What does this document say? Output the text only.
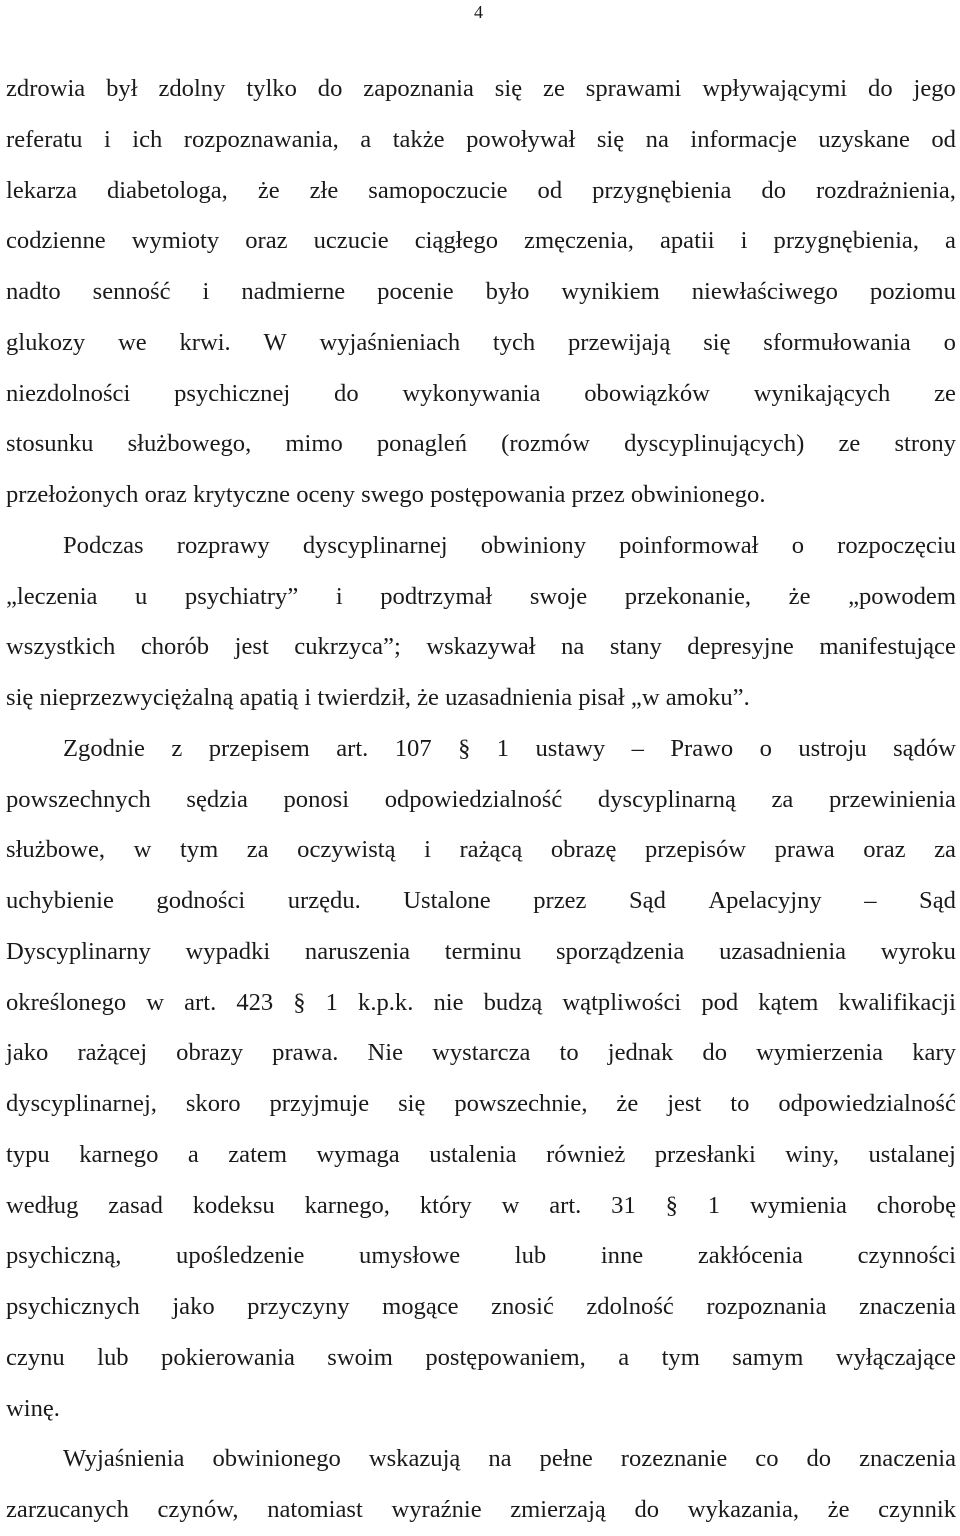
4
zdrowia był zdolny tylko do zapoznania się ze sprawami wpływającymi do jego
referatu i ich rozpoznawania, a także powoływał się na informacje uzyskane od
lekarza diabetologa, że złe samopoczucie od przygnębienia do rozdrażnienia,
codzienne wymioty oraz uczucie ciągłego zmęczenia, apatii i przygnębienia, a
nadto senność i nadmierne pocenie było wynikiem niewłaściwego poziomu
glukozy we krwi. W wyjaśnieniach tych przewijają się sformułowania o
niezdolności psychicznej do wykonywania obowiązków wynikających ze
stosunku służbowego, mimo ponagleń (rozmów dyscyplinujących) ze strony
przełożonych
oraz
krytyczne
oceny
swego
postępowania
przez
obwinionego.
Podczas rozprawy dyscyplinarnej obwiniony poinformował o rozpoczęciu
„leczenia u psychiatry” i podtrzymał swoje przekonanie, że „powodem
wszystkich chorób jest cukrzyca”; wskazywał na stany depresyjne manifestujące
się
nieprzezwyciężalną
apatią
i
twierdził,
że
uzasadnienia
pisał
„w
amoku”.
Zgodnie z przepisem art. 107 § 1 ustawy – Prawo o ustroju sądów
powszechnych sędzia ponosi odpowiedzialność dyscyplinarną za przewinienia
służbowe, w tym za oczywistą i rażącą obrazę przepisów prawa oraz za
uchybienie godności urzędu. Ustalone przez Sąd Apelacyjny – Sąd
Dyscyplinarny wypadki naruszenia terminu sporządzenia uzasadnienia wyroku
określonego w art. 423 § 1 k.p.k. nie budzą wątpliwości pod kątem kwalifikacji
jako rażącej obrazy prawa. Nie wystarcza to jednak do wymierzenia kary
dyscyplinarnej, skoro przyjmuje się powszechnie, że jest to odpowiedzialność
typu karnego a zatem wymaga ustalenia również przesłanki winy, ustalanej
według zasad kodeksu karnego, który w art. 31 § 1 wymienia chorobę
psychiczną, upośledzenie umysłowe lub inne zakłócenia czynności
psychicznych jako przyczyny mogące znosić zdolność rozpoznania znaczenia
czynu lub pokierowania swoim postępowaniem, a tym samym wyłączające
winę.
Wyjaśnienia obwinionego wskazują na pełne rozeznanie co do znaczenia
zarzucanych czynów, natomiast wyraźnie zmierzają do wykazania, że czynnik
